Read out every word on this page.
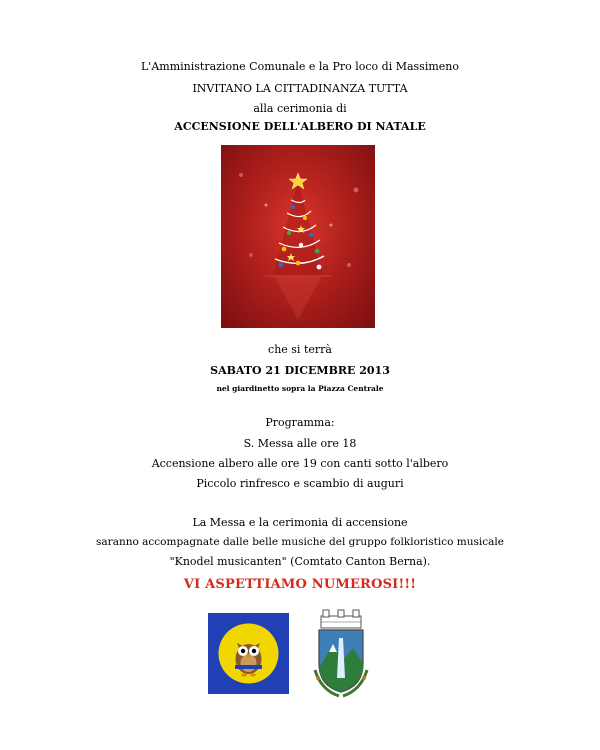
L'Amministrazione Comunale e la Pro loco di Massimeno
INVITANO LA CITTADINANZA TUTTA
alla cerimonia di
ACCENSIONE DELL'ALBERO DI NATALE
che si terrà
SABATO 21 DICEMBRE 2013
nel giardinetto sopra la Piazza Centrale
Programma:
S. Messa alle ore 18
Accensione albero alle ore 19 con canti sotto l'albero
Piccolo rinfresco e scambio di auguri
La Messa e la cerimonia di accensione
saranno accompagnate dalle belle musiche del gruppo folkloristico musicale
"Knodel musicanten" (Comtato Canton Berna).
VI ASPETTIAMO NUMEROSI!!!
